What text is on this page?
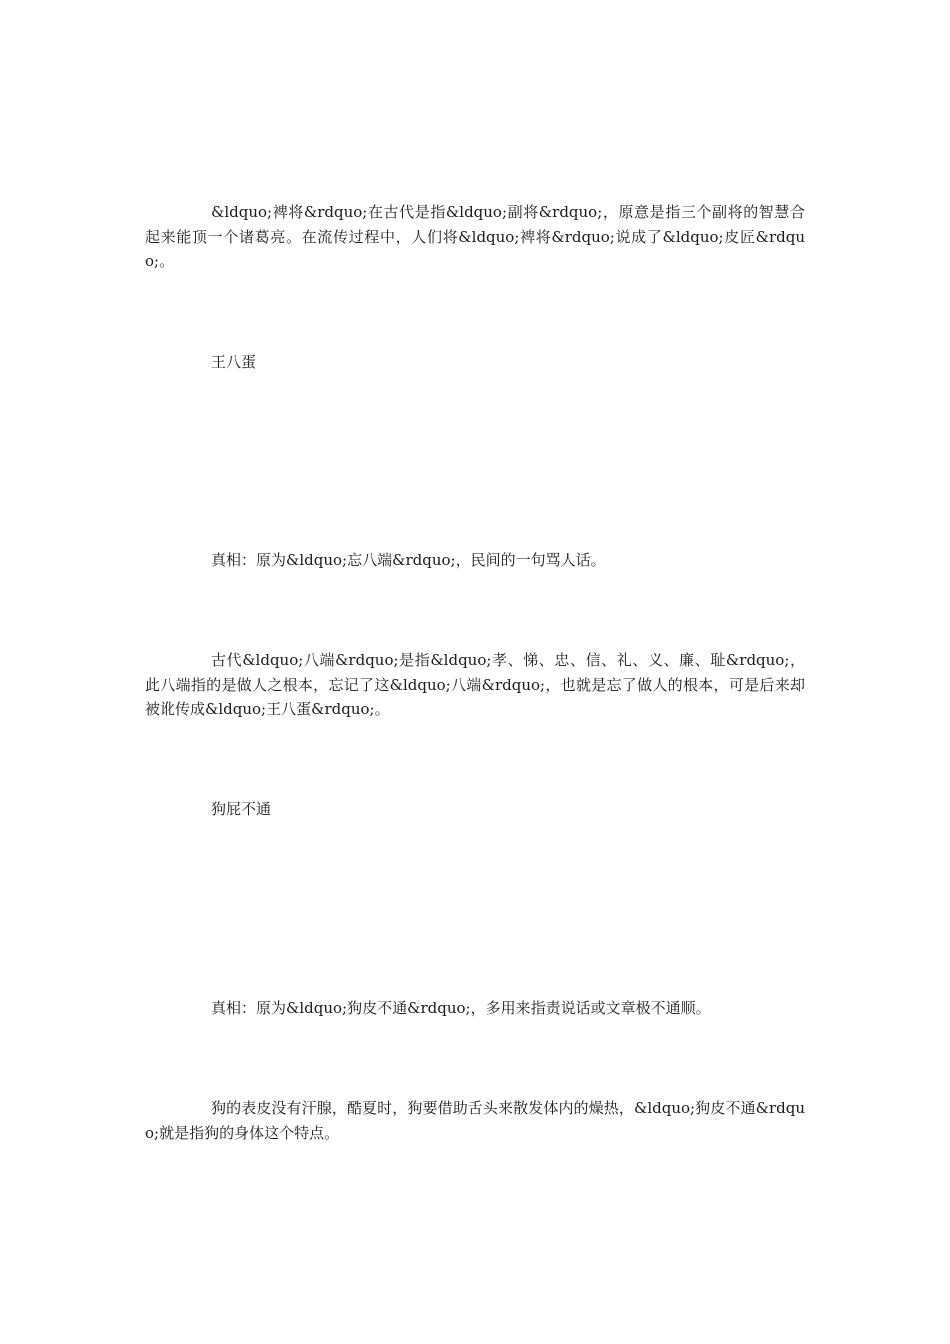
&ldquo;裨将&rdquo;在古代是指&ldquo;副将&rdquo;，原意是指三个副将的智慧合起来能顶一个诸葛亮。在流传过程中，人们将&ldquo;裨将&rdquo;说成了&ldquo;皮匠&rdquo;。

王八蛋

真相：原为&ldquo;忘八端&rdquo;，民间的一句骂人话。

古代&ldquo;八端&rdquo;是指&ldquo;孝、悌、忠、信、礼、义、廉、耻&rdquo;，此八端指的是做人之根本，忘记了这&ldquo;八端&rdquo;，也就是忘了做人的根本，可是后来却被讹传成&ldquo;王八蛋&rdquo;。

狗屁不通

真相：原为&ldquo;狗皮不通&rdquo;，多用来指责说话或文章极不通顺。

狗的表皮没有汗腺，酷夏时，狗要借助舌头来散发体内的燥热，&ldquo;狗皮不通&rdquo;就是指狗的身体这个特点。
